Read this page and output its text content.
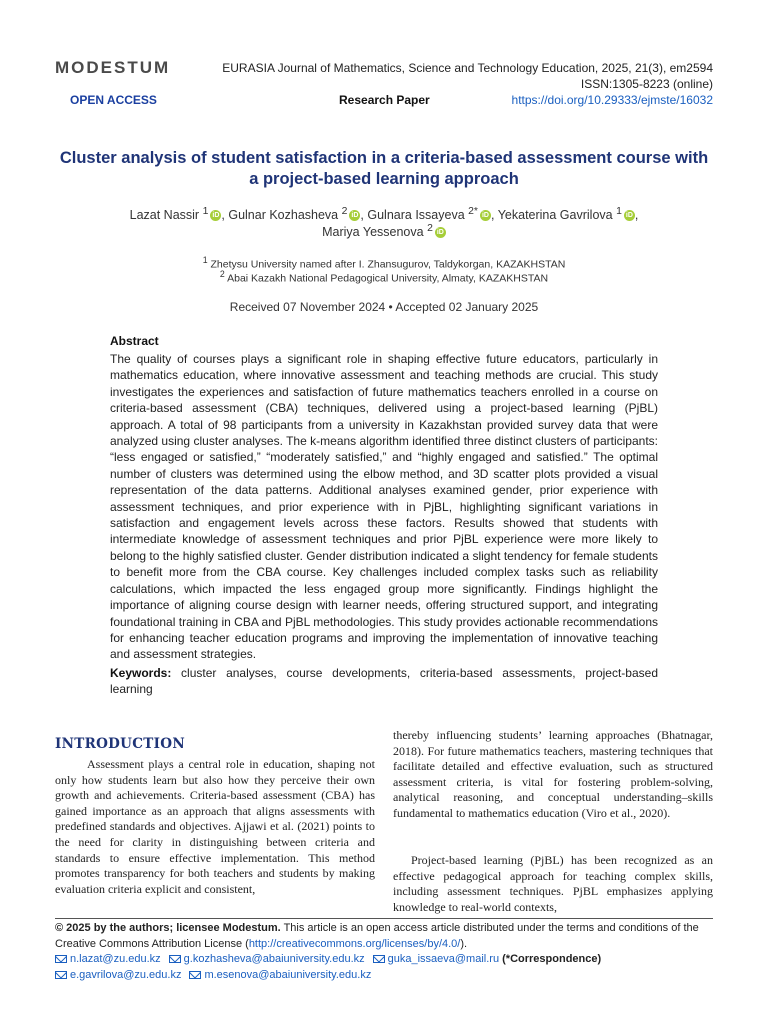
MODESTUM	EURASIA Journal of Mathematics, Science and Technology Education, 2025, 21(3), em2594
ISSN:1305-8223 (online)
OPEN ACCESS	Research Paper	https://doi.org/10.29333/ejmste/16032
Cluster analysis of student satisfaction in a criteria-based assessment course with a project-based learning approach
Lazat Nassir $^1$ iD , Gulnar Kozhasheva $^2$ iD , Gulnara Issayeva $^{2*}$ iD , Yekaterina Gavrilova $^1$ iD ,
Mariya Yessenova $^2$ iD
$^1$ Zhetysu University named after I. Zhansugurov, Taldykorgan, KAZAKHSTAN
$^2$ Abai Kazakh National Pedagogical University, Almaty, KAZAKHSTAN
Received 07 November 2024 • Accepted 02 January 2025
Abstract
The quality of courses plays a significant role in shaping effective future educators, particularly in mathematics education, where innovative assessment and teaching methods are crucial. This study investigates the experiences and satisfaction of future mathematics teachers enrolled in a course on criteria-based assessment (CBA) techniques, delivered using a project-based learning (PjBL) approach. A total of 98 participants from a university in Kazakhstan provided survey data that were analyzed using cluster analyses. The k-means algorithm identified three distinct clusters of participants: “less engaged or satisfied,” “moderately satisfied,” and “highly engaged and satisfied.” The optimal number of clusters was determined using the elbow method, and 3D scatter plots provided a visual representation of the data patterns. Additional analyses examined gender, prior experience with assessment techniques, and prior experience with in PjBL, highlighting significant variations in satisfaction and engagement levels across these factors. Results showed that students with intermediate knowledge of assessment techniques and prior PjBL experience were more likely to belong to the highly satisfied cluster. Gender distribution indicated a slight tendency for female students to benefit more from the CBA course. Key challenges included complex tasks such as reliability calculations, which impacted the less engaged group more significantly. Findings highlight the importance of aligning course design with learner needs, offering structured support, and integrating foundational training in CBA and PjBL methodologies. This study provides actionable recommendations for enhancing teacher education programs and improving the implementation of innovative teaching and assessment strategies.
Keywords: cluster analyses, course developments, criteria-based assessments, project-based learning
INTRODUCTION
Assessment plays a central role in education, shaping not only how students learn but also how they perceive their own growth and achievements. Criteria-based assessment (CBA) has gained importance as an approach that aligns assessments with predefined standards and objectives. Ajjawi et al. (2021) points to the need for clarity in distinguishing between criteria and standards to ensure effective implementation. This method promotes transparency for both teachers and students by making evaluation criteria explicit and consistent,
thereby influencing students’ learning approaches (Bhatnagar, 2018). For future mathematics teachers, mastering techniques that facilitate detailed and effective evaluation, such as structured assessment criteria, is vital for fostering problem-solving, analytical reasoning, and conceptual understanding–skills fundamental to mathematics education (Viro et al., 2020).
Project-based learning (PjBL) has been recognized as an effective pedagogical approach for teaching complex skills, including assessment techniques. PjBL emphasizes applying knowledge to real-world contexts,
© 2025 by the authors; licensee Modestum. This article is an open access article distributed under the terms and conditions of the Creative Commons Attribution License (http://creativecommons.org/licenses/by/4.0/).
n.lazat@zu.edu.kz g.kozhasheva@abaiuniversity.edu.kz guka_issaeva@mail.ru (*Correspondence)
e.gavrilova@zu.edu.kz m.esenova@abaiuniversity.edu.kz
